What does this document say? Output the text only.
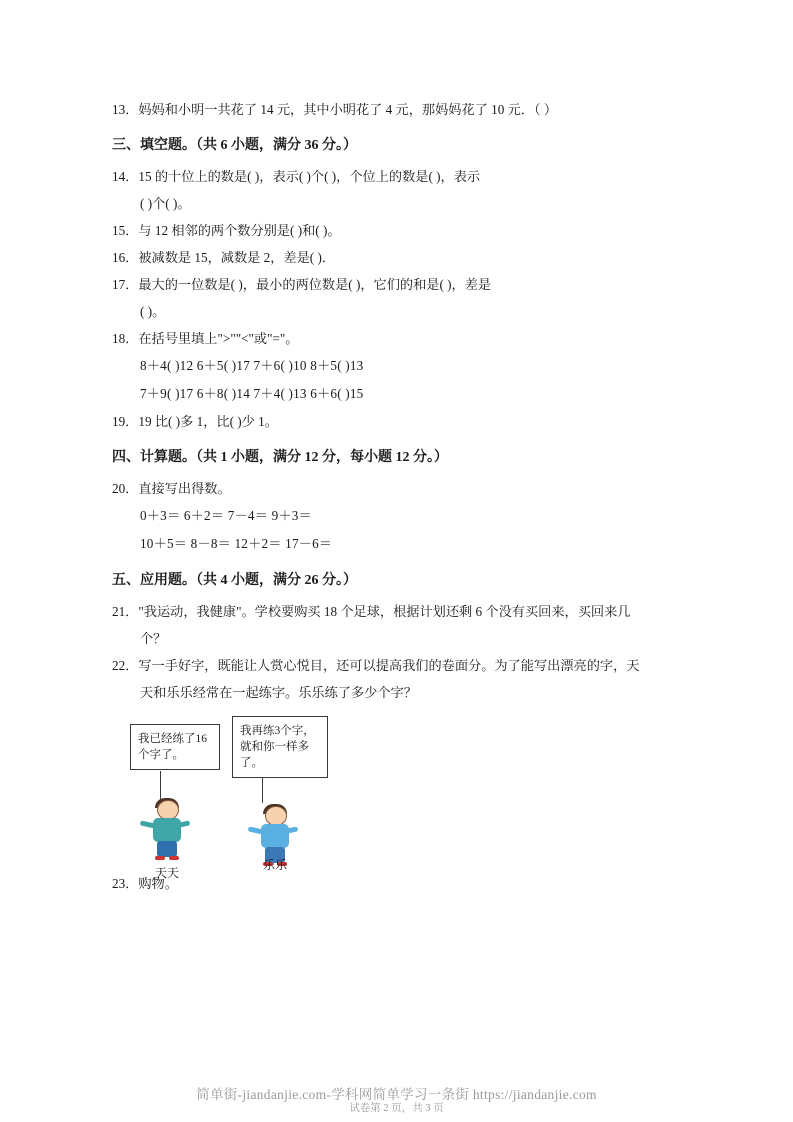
13．妈妈和小明一共花了 14 元，其中小明花了 4 元，那妈妈花了 10 元．（ ）
三、填空题。（共 6 小题，满分 36 分。）
14．15 的十位上的数是( )，表示( )个( )，个位上的数是( )，表示
( )个( )。
15．与 12 相邻的两个数分别是( )和( )。
16．被减数是 15，减数是 2，差是( )．
17．最大的一位数是( )，最小的两位数是( )，它们的和是( )，差是
( )。
18．在括号里填上">""<"或"="。
8＋4( )12 6＋5( )17 7＋6( )10 8＋5( )13
7＋9( )17 6＋8( )14 7＋4( )13 6＋6( )15
19．19 比( )多 1，比( )少 1。
四、计算题。（共 1 小题，满分 12 分，每小题 12 分。）
20．直接写出得数。
0＋3＝ 6＋2＝ 7－4＝ 9＋3＝
10＋5＝ 8－8＝ 12＋2＝ 17－6＝
五、应用题。（共 4 小题，满分 26 分。）
21．"我运动，我健康"。学校要购买 18 个足球，根据计划还剩 6 个没有买回来，买回来几
个？
22．写一手好字，既能让人赏心悦目，还可以提高我们的卷面分。为了能写出漂亮的字，天
天和乐乐经常在一起练字。乐乐练了多少个字？
我已经练了16个字了。
我再练3个字，就和你一样多了。
天天
乐乐
23．购物。
试卷第 2 页，共 3 页
简单街-jiandanjie.com-学科网简单学习一条街 https://jiandanjie.com
